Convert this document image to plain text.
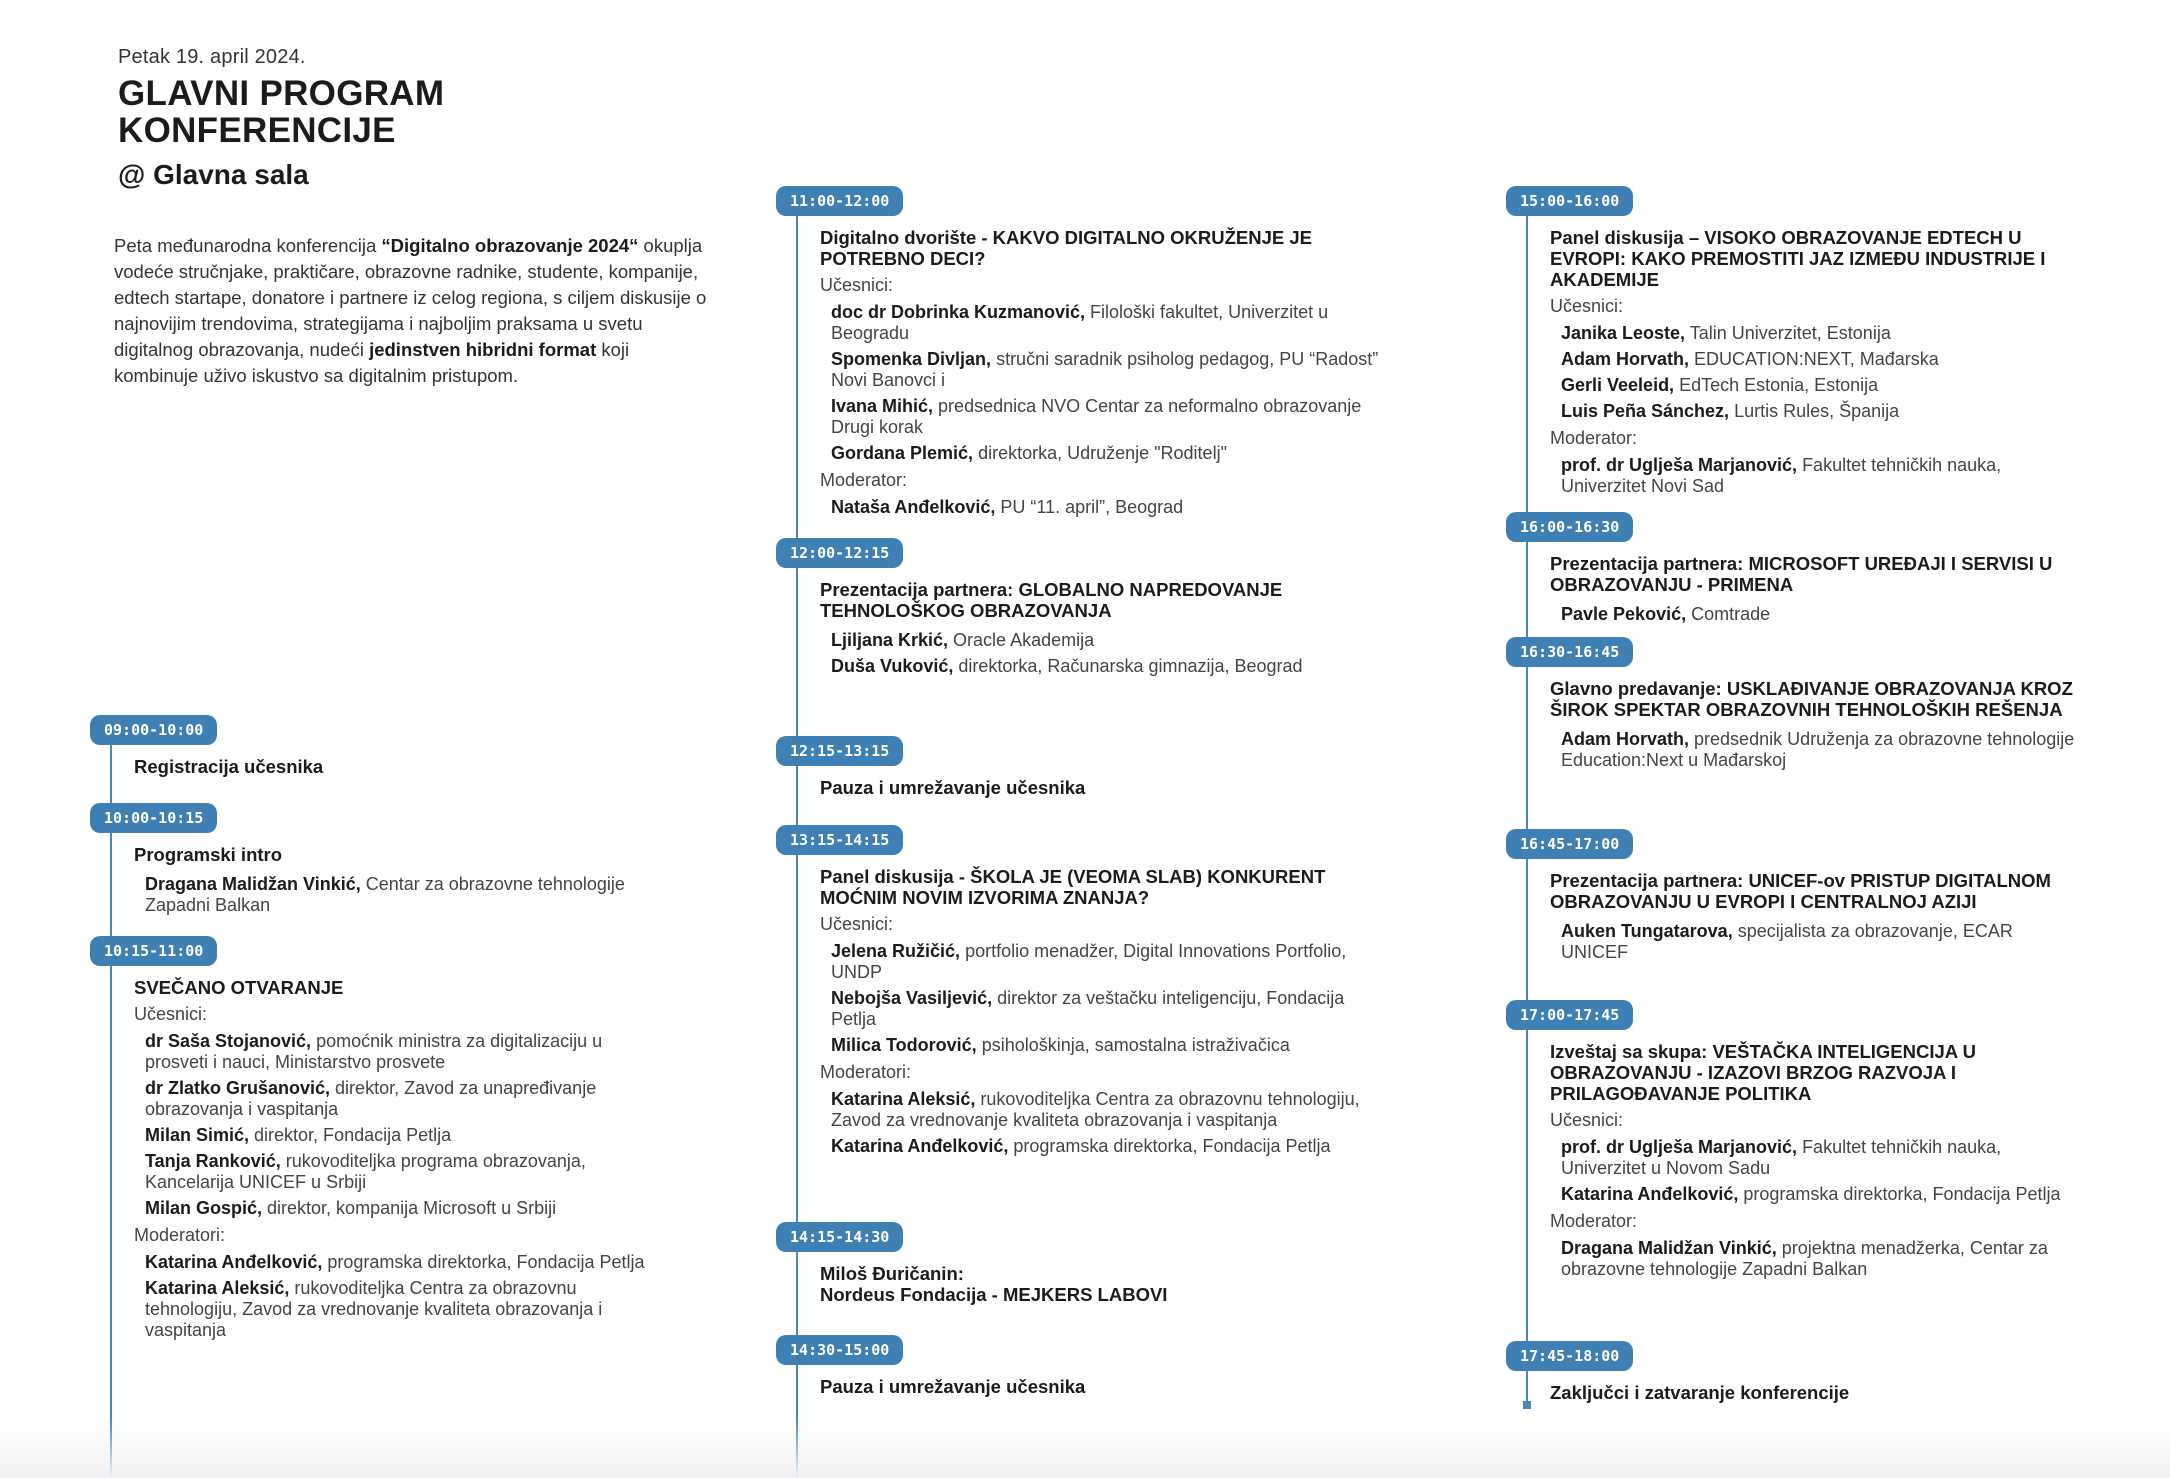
Petak 19. april 2024.
GLAVNI PROGRAM
KONFERENCIJE
@ Glavna sala
Peta međunarodna konferencija “Digitalno obrazovanje 2024“ okuplja vodeće stručnjake, praktičare, obrazovne radnike, studente, kompanije, edtech startape, donatore i partnere iz celog regiona, s ciljem diskusije o najnovijim trendovima, strategijama i najboljim praksama u svetu digitalnog obrazovanja, nudeći jedinstven hibridni format koji kombinuje uživo iskustvo sa digitalnim pristupom.
09:00-10:00
Registracija učesnika
10:00-10:15
Programski intro
Dragana Malidžan Vinkić, Centar za obrazovne tehnologije Zapadni Balkan
10:15-11:00
SVEČANO OTVARANJE
Učesnici:
dr Saša Stojanović, pomoćnik ministra za digitalizaciju u prosveti i nauci, Ministarstvo prosvete
dr Zlatko Grušanović, direktor, Zavod za unapređivanje obrazovanja i vaspitanja
Milan Simić, direktor, Fondacija Petlja
Tanja Ranković, rukovoditeljka programa obrazovanja, Kancelarija UNICEF u Srbiji
Milan Gospić, direktor, kompanija Microsoft u Srbiji
Moderatori:
Katarina Anđelković, programska direktorka, Fondacija Petlja
Katarina Aleksić, rukovoditeljka Centra za obrazovnu tehnologiju, Zavod za vrednovanje kvaliteta obrazovanja i vaspitanja
11:00-12:00
Digitalno dvorište - KAKVO DIGITALNO OKRUŽENJE JE POTREBNO DECI?
Učesnici:
doc dr Dobrinka Kuzmanović, Filološki fakultet, Univerzitet u Beogradu
Spomenka Divljan, stručni saradnik psiholog pedagog, PU “Radost” Novi Banovci i
Ivana Mihić, predsednica NVO Centar za neformalno obrazovanje Drugi korak
Gordana Plemić, direktorka, Udruženje "Roditelj"
Moderator:
Nataša Anđelković, PU “11. april”, Beograd
12:00-12:15
Prezentacija partnera: GLOBALNO NAPREDOVANJE TEHNOLOŠKOG OBRAZOVANJA
Ljiljana Krkić, Oracle Akademija
Duša Vuković, direktorka, Računarska gimnazija, Beograd
12:15-13:15
Pauza i umrežavanje učesnika
13:15-14:15
Panel diskusija - ŠKOLA JE (VEOMA SLAB) KONKURENT MOĆNIM NOVIM IZVORIMA ZNANJA?
Učesnici:
Jelena Ružičić, portfolio menadžer, Digital Innovations Portfolio, UNDP
Nebojša Vasiljević, direktor za veštačku inteligenciju, Fondacija Petlja
Milica Todorović, psihološkinja, samostalna istraživačica
Moderatori:
Katarina Aleksić, rukovoditeljka Centra za obrazovnu tehnologiju, Zavod za vrednovanje kvaliteta obrazovanja i vaspitanja
Katarina Anđelković, programska direktorka, Fondacija Petlja
14:15-14:30
Miloš Đuričanin:
Nordeus Fondacija - MEJKERS LABOVI
14:30-15:00
Pauza i umrežavanje učesnika
15:00-16:00
Panel diskusija – VISOKO OBRAZOVANJE EDTECH U EVROPI: KAKO PREMOSTITI JAZ IZMEĐU INDUSTRIJE I AKADEMIJE
Učesnici:
Janika Leoste, Talin Univerzitet, Estonija
Adam Horvath, EDUCATION:NEXT, Mađarska
Gerli Veeleid, EdTech Estonia, Estonija
Luis Peña Sánchez, Lurtis Rules, Španija
Moderator:
prof. dr Uglješa Marjanović, Fakultet tehničkih nauka, Univerzitet Novi Sad
16:00-16:30
Prezentacija partnera: MICROSOFT UREĐAJI I SERVISI U OBRAZOVANJU - PRIMENA
Pavle Peković, Comtrade
16:30-16:45
Glavno predavanje: USKLAĐIVANJE OBRAZOVANJA KROZ ŠIROK SPEKTAR OBRAZOVNIH TEHNOLOŠKIH REŠENJA
Adam Horvath, predsednik Udruženja za obrazovne tehnologije Education:Next u Mađarskoj
16:45-17:00
Prezentacija partnera: UNICEF-ov PRISTUP DIGITALNOM OBRAZOVANJU U EVROPI I CENTRALNOJ AZIJI
Auken Tungatarova, specijalista za obrazovanje, ECAR UNICEF
17:00-17:45
Izveštaj sa skupa: VEŠTAČKA INTELIGENCIJA U OBRAZOVANJU - IZAZOVI BRZOG RAZVOJA I PRILAGOĐAVANJE POLITIKA
Učesnici:
prof. dr Uglješa Marjanović, Fakultet tehničkih nauka, Univerzitet u Novom Sadu
Katarina Anđelković, programska direktorka, Fondacija Petlja
Moderator:
Dragana Malidžan Vinkić, projektna menadžerka, Centar za obrazovne tehnologije Zapadni Balkan
17:45-18:00
Zaključci i zatvaranje konferencije
